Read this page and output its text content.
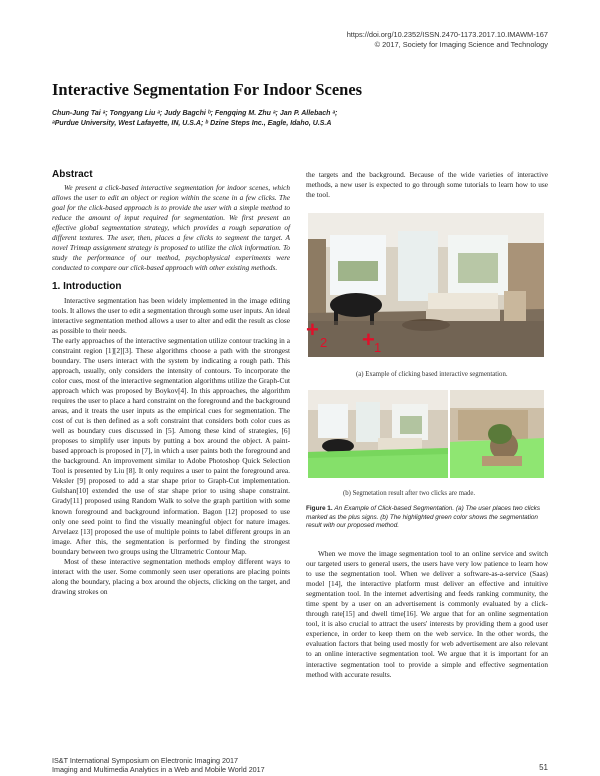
https://doi.org/10.2352/ISSN.2470-1173.2017.10.IMAWM-167
© 2017, Society for Imaging Science and Technology
Interactive Segmentation For Indoor Scenes
Chun-Jung Tai ᵃ; Tongyang Liu ᵃ; Judy Bagchi ᵇ; Fengqing M. Zhu ᵃ; Jan P. Allebach ᵃ;
ᵃPurdue University, West Lafayette, IN, U.S.A; ᵇ Dzine Steps Inc., Eagle, Idaho, U.S.A
Abstract

We present a click-based interactive segmentation for indoor scenes, which allows the user to edit an object or region within the scene in a few clicks. The goal for the click-based approach is to provide the user with a simple method to reduce the amount of input required for segmentation. We first present an effective global segmentation strategy, which provides a rough separation of different textures. The user, then, places a few clicks to segment the target. A novel Trimap assignment strategy is proposed to utilize the click information. To study the performance of our method, psychophysical experiments were conducted to compare our click-based approach with other existing methods.

1. Introduction

Interactive segmentation has been widely implemented in the image editing tools. It allows the user to edit a segmentation through some user inputs. An ideal interactive segmentation method allows a user to alter and edit the result as close as possible to their needs.

The early approaches of the interactive segmentation utilize contour tracking in a constraint region [1][2][3]. These algorithms choose a path with the strongest boundary. The users interact with the system by indicating a rough path. This approach, usually, only considers the intensity of contours. To incorporate the color cues, most of the interactive segmentation algorithms utilize the Graph-Cut approach which was proposed by Boykov[4]. In this approaches, the algorithm requires the user to place a hard constraint on the foreground and the background areas, and it treats the user inputs as the empirical cues for segmentation. The cost of cut is then defined as a soft constraint that considers both color cues as well as boundary cues discussed in [5]. Among these kind of strategies, [6] proposes to simplify user inputs by putting a box around the object. A paint-based approach is proposed in [7], in which a user paints both the foreground and the background. An improvement similar to Adobe Photoshop Quick Selection Tool is presented by Liu [8]. It only requires a user to paint the foreground area. Veksler [9] proposed to add a star shape prior to Graph-Cut implementation. Gulshan[10] extended the use of star shape prior to using shape constraint. Grady[11] proposed using Random Walk to solve the graph partition with some known foreground and background information. Bagon [12] proposed to use only one seed point to find the visually meaningful object for nature images. Arvelaez [13] proposed the use of multiple points to label different groups in an image. After this, the segmentation is performed by finding the strongest boundary between two groups using the Ultrametric Contour Map.

Most of these interactive segmentation methods employ different ways to interact with the user. Some commonly seen user operations are placing points along the boundary, placing a box around the objects, clicking on the target, and drawing strokes on

the targets and the background. Because of the wide varieties of interactive methods, a new user is expected to go through some tutorials to learn how to use the tool.

+
2 + 1
(a) Example of clicking based interactive segmentation.
(b) Segmetation result after two clicks are made.
Figure 1. An Example of Click-based Segmentation. (a) The user places two clicks marked as the plus signs. (b) The highlighted green color shows the segmentation result with our proposed method.

When we move the image segmentation tool to an online service and switch our targeted users to general users, the users have very low patience to learn how to use the segmentation tool. When we deliver a software-as-a-service (Saas) model [14], the interactive platform must deliver an effective and intuitive segmentation tool. In the internet advertising and feeds ranking community, the time spent by a user on an advertisement is commonly evaluated by a click-through rate[15] and dwell time[16]. We argue that for an online segmentation tool, it is also crucial to attract the users' interests by providing them a good user experience, in order to keep them on the web service. In the other words, the evaluation factors that being used mostly for web advertisement are also relevant to an online interactive segmentation tool. We argue that it is important for an interactive segmentation tool to provide a simple and effective segmentation method with accurate results.

IS&T International Symposium on Electronic Imaging 2017
Imaging and Multimedia Analytics in a Web and Mobile World 2017	51
